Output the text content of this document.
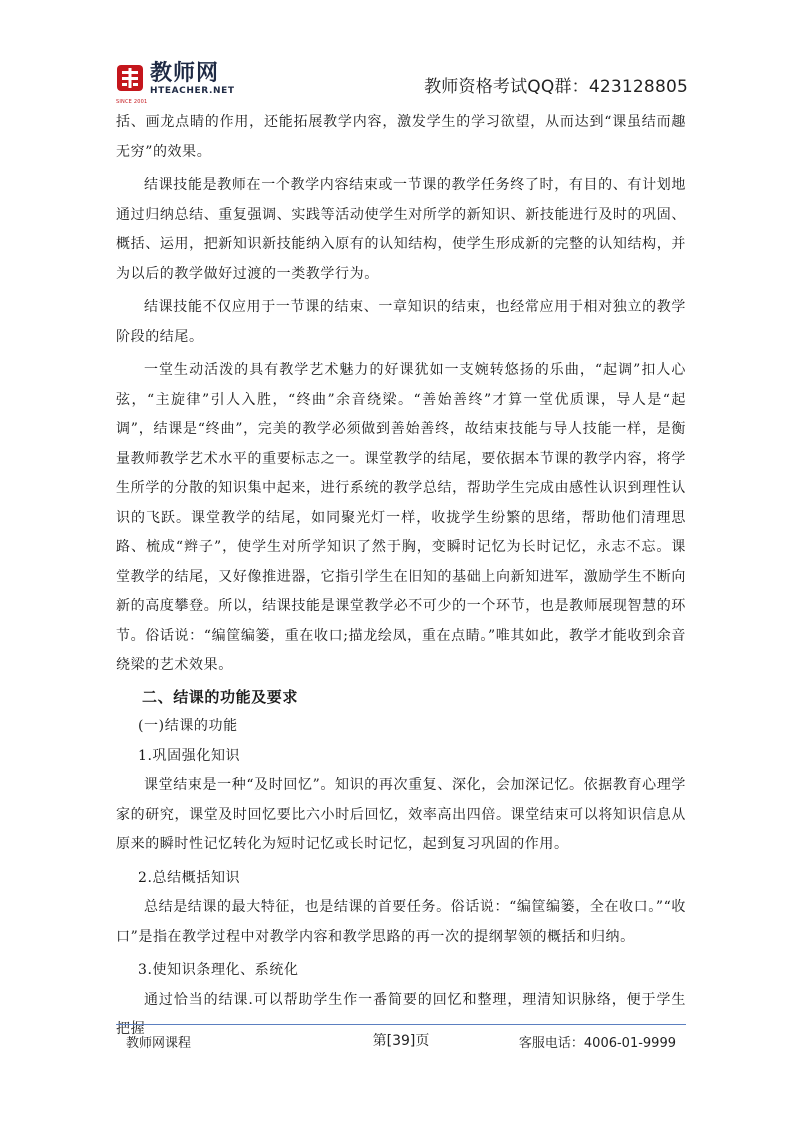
SINCE 2001
教师网
HTEACHER.NET	教师资格考试QQ群：423128805

括、画龙点睛的作用，还能拓展教学内容，激发学生的学习欲望，从而达到“课虽结而趣无穷”的效果。

结课技能是教师在一个教学内容结束或一节课的教学任务终了时，有目的、有计划地通过归纳总结、重复强调、实践等活动使学生对所学的新知识、新技能进行及时的巩固、概括、运用，把新知识新技能纳入原有的认知结构，使学生形成新的完整的认知结构，并为以后的教学做好过渡的一类教学行为。

结课技能不仅应用于一节课的结束、一章知识的结束，也经常应用于相对独立的教学阶段的结尾。

一堂生动活泼的具有教学艺术魅力的好课犹如一支婉转悠扬的乐曲，“起调”扣人心弦，“主旋律”引人入胜，“终曲”余音绕梁。“善始善终”才算一堂优质课，导人是“起调”，结课是“终曲”，完美的教学必须做到善始善终，故结束技能与导人技能一样，是衡量教师教学艺术水平的重要标志之一。课堂教学的结尾，要依据本节课的教学内容，将学生所学的分散的知识集中起来，进行系统的教学总结，帮助学生完成由感性认识到理性认识的飞跃。课堂教学的结尾，如同聚光灯一样，收拢学生纷繁的思绪，帮助他们清理思路、梳成“辫子”，使学生对所学知识了然于胸，变瞬时记忆为长时记忆，永志不忘。课堂教学的结尾，又好像推进器，它指引学生在旧知的基础上向新知进军，激励学生不断向新的高度攀登。所以，结课技能是课堂教学必不可少的一个环节，也是教师展现智慧的环节。俗话说：“编筐编篓，重在收口;描龙绘凤，重在点睛。”唯其如此，教学才能收到余音绕梁的艺术效果。

二、结课的功能及要求
(一)结课的功能
1.巩固强化知识

课堂结束是一种“及时回忆”。知识的再次重复、深化，会加深记忆。依据教育心理学家的研究，课堂及时回忆要比六小时后回忆，效率高出四倍。课堂结束可以将知识信息从原来的瞬时性记忆转化为短时记忆或长时记忆，起到复习巩固的作用。

2.总结概括知识

总结是结课的最大特征，也是结课的首要任务。俗话说：“编筐编篓，全在收口。”“收口”是指在教学过程中对教学内容和教学思路的再一次的提纲挈领的概括和归纳。

3.使知识条理化、系统化

通过恰当的结课.可以帮助学生作一番简要的回忆和整理，理清知识脉络，便于学生把握

教师网课程	第[39]页	客服电话：4006-01-9999
